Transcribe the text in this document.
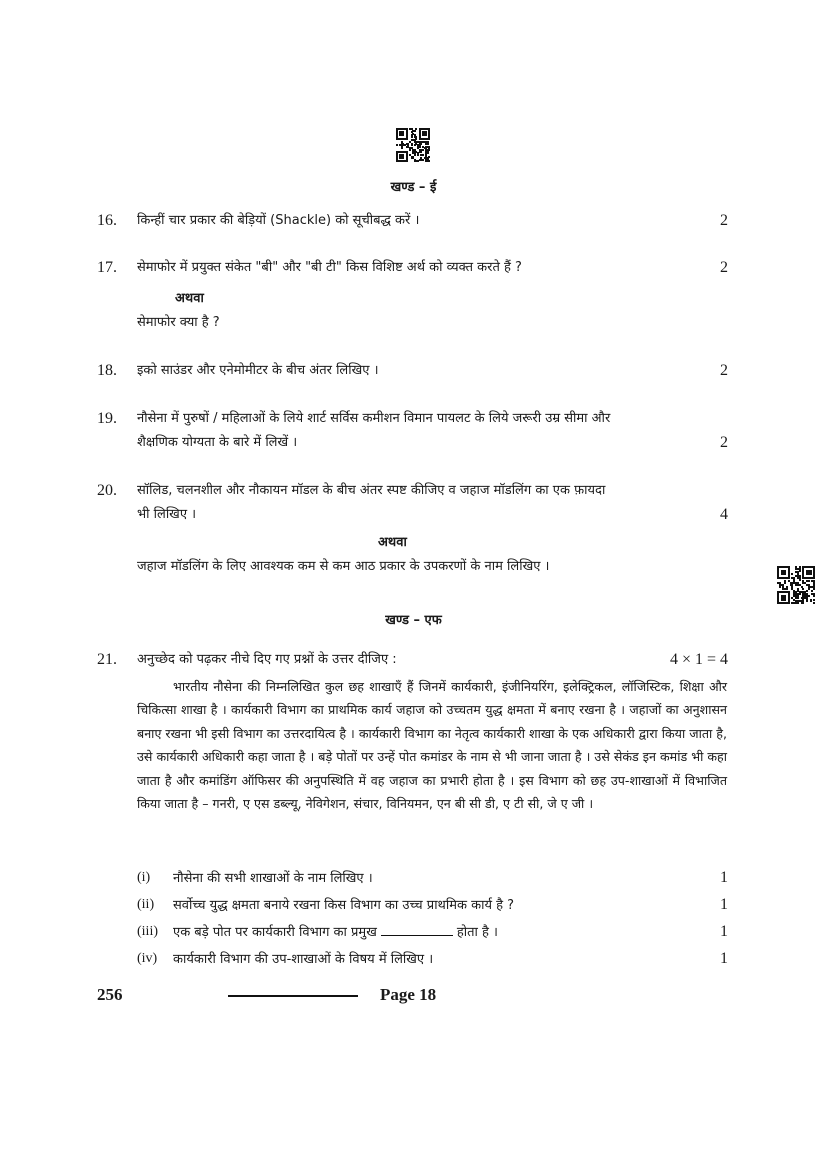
खण्ड – ई
16. किन्हीं चार प्रकार की बेड़ियों (Shackle) को सूचीबद्ध करें ।	2
17. सेमाफोर में प्रयुक्त संकेत "बी" और "बी टी" किस विशिष्ट अर्थ को व्यक्त करते हैं ?	2
अथवा
सेमाफोर क्या है ?
18. इको साउंडर और एनेमोमीटर के बीच अंतर लिखिए ।	2
19. नौसेना में पुरुषों / महिलाओं के लिये शार्ट सर्विस कमीशन विमान पायलट के लिये जरूरी उम्र सीमा और
शैक्षणिक योग्यता के बारे में लिखें ।	2
20. सॉलिड, चलनशील और नौकायन मॉडल के बीच अंतर स्पष्ट कीजिए व जहाज मॉडलिंग का एक फ़ायदा
भी लिखिए ।	4
अथवा
जहाज मॉडलिंग के लिए आवश्यक कम से कम आठ प्रकार के उपकरणों के नाम लिखिए ।
खण्ड – एफ
21. अनुच्छेद को पढ़कर नीचे दिए गए प्रश्नों के उत्तर दीजिए :	4 × 1 = 4
भारतीय नौसेना की निम्नलिखित कुल छह शाखाएँ हैं जिनमें कार्यकारी, इंजीनियरिंग, इलेक्ट्रिकल, लॉजिस्टिक, शिक्षा और चिकित्सा शाखा है । कार्यकारी विभाग का प्राथमिक कार्य जहाज को उच्चतम युद्ध क्षमता में बनाए रखना है । जहाजों का अनुशासन बनाए रखना भी इसी विभाग का उत्तरदायित्व है । कार्यकारी विभाग का नेतृत्व कार्यकारी शाखा के एक अधिकारी द्वारा किया जाता है, उसे कार्यकारी अधिकारी कहा जाता है । बड़े पोतों पर उन्हें पोत कमांडर के नाम से भी जाना जाता है । उसे सेकंड इन कमांड भी कहा जाता है और कमांडिंग ऑफिसर की अनुपस्थिति में वह जहाज का प्रभारी होता है । इस विभाग को छह उप-शाखाओं में विभाजित किया जाता है – गनरी, ए एस डब्ल्यू, नेविगेशन, संचार, विनियमन, एन बी सी डी, ए टी सी, जे ए जी ।
(i) नौसेना की सभी शाखाओं के नाम लिखिए ।	1
(ii) सर्वोच्च युद्ध क्षमता बनाये रखना किस विभाग का उच्च प्राथमिक कार्य है ?	1
(iii) एक बड़े पोत पर कार्यकारी विभाग का प्रमुख	होता है ।	1
(iv) कार्यकारी विभाग की उप-शाखाओं के विषय में लिखिए ।	1
256	Page 18
